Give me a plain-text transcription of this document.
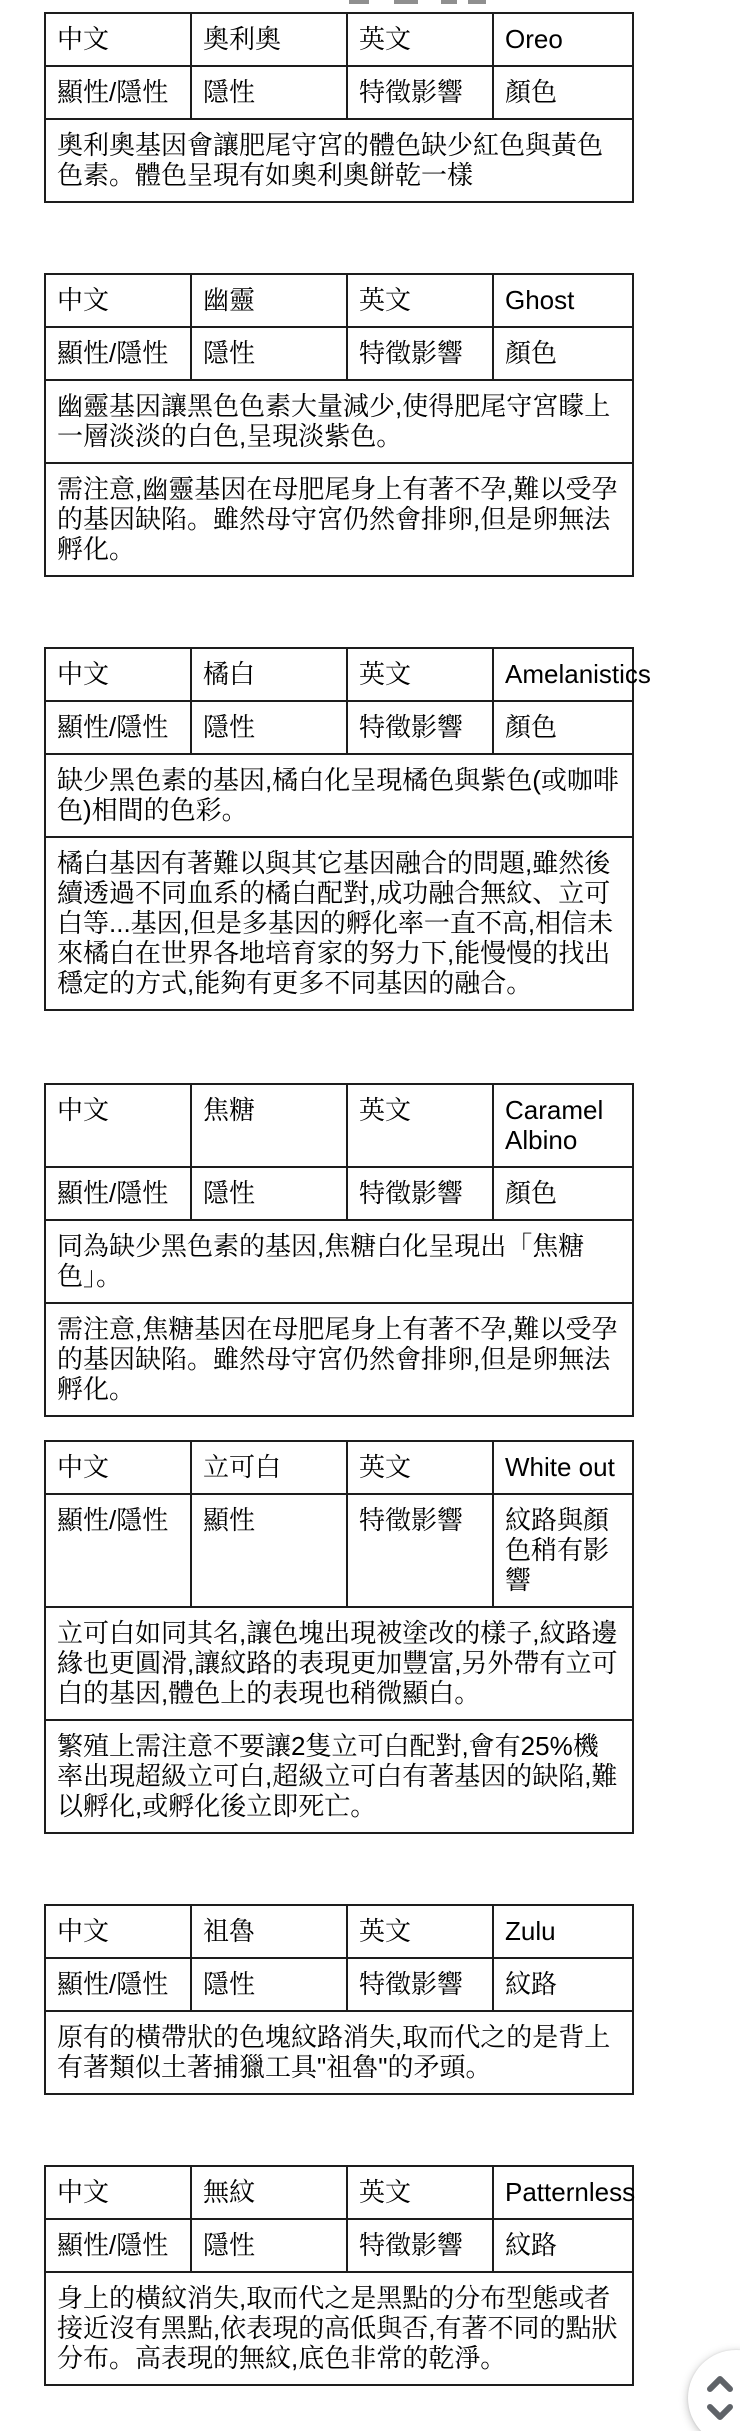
中文	奧利奧	英文	Oreo
顯性/隱性	隱性	特徵影響	顏色
奧利奧基因會讓肥尾守宮的體色缺少紅色與黃色色素。體色呈現有如奧利奧餅乾一樣			
中文	幽靈	英文	Ghost
顯性/隱性	隱性	特徵影響	顏色
幽靈基因讓黑色色素大量減少,使得肥尾守宮矇上一層淡淡的白色,呈現淡紫色。			
需注意,幽靈基因在母肥尾身上有著不孕,難以受孕的基因缺陷。雖然母守宮仍然會排卵,但是卵無法孵化。			
中文	橘白	英文	Amelanistics
顯性/隱性	隱性	特徵影響	顏色
缺少黑色素的基因,橘白化呈現橘色與紫色(或咖啡色)相間的色彩。			
橘白基因有著難以與其它基因融合的問題,雖然後續透過不同血系的橘白配對,成功融合無紋、立可白等...基因,但是多基因的孵化率一直不高,相信未來橘白在世界各地培育家的努力下,能慢慢的找出穩定的方式,能夠有更多不同基因的融合。			
中文	焦糖	英文	Caramel Albino
顯性/隱性	隱性	特徵影響	顏色
同為缺少黑色素的基因,焦糖白化呈現出「焦糖色」。			
需注意,焦糖基因在母肥尾身上有著不孕,難以受孕的基因缺陷。雖然母守宮仍然會排卵,但是卵無法孵化。			
中文	立可白	英文	White out
顯性/隱性	顯性	特徵影響	紋路與顏色稍有影響
立可白如同其名,讓色塊出現被塗改的樣子,紋路邊緣也更圓滑,讓紋路的表現更加豐富,另外帶有立可白的基因,體色上的表現也稍微顯白。			
繁殖上需注意不要讓2隻立可白配對,會有25%機率出現超級立可白,超級立可白有著基因的缺陷,難以孵化,或孵化後立即死亡。			
中文	祖魯	英文	Zulu
顯性/隱性	隱性	特徵影響	紋路
原有的橫帶狀的色塊紋路消失,取而代之的是背上有著類似土著捕獵工具"祖魯"的矛頭。			
中文	無紋	英文	Patternless
顯性/隱性	隱性	特徵影響	紋路
身上的橫紋消失,取而代之是黑點的分布型態或者接近沒有黑點,依表現的高低與否,有著不同的點狀分布。高表現的無紋,底色非常的乾淨。			
